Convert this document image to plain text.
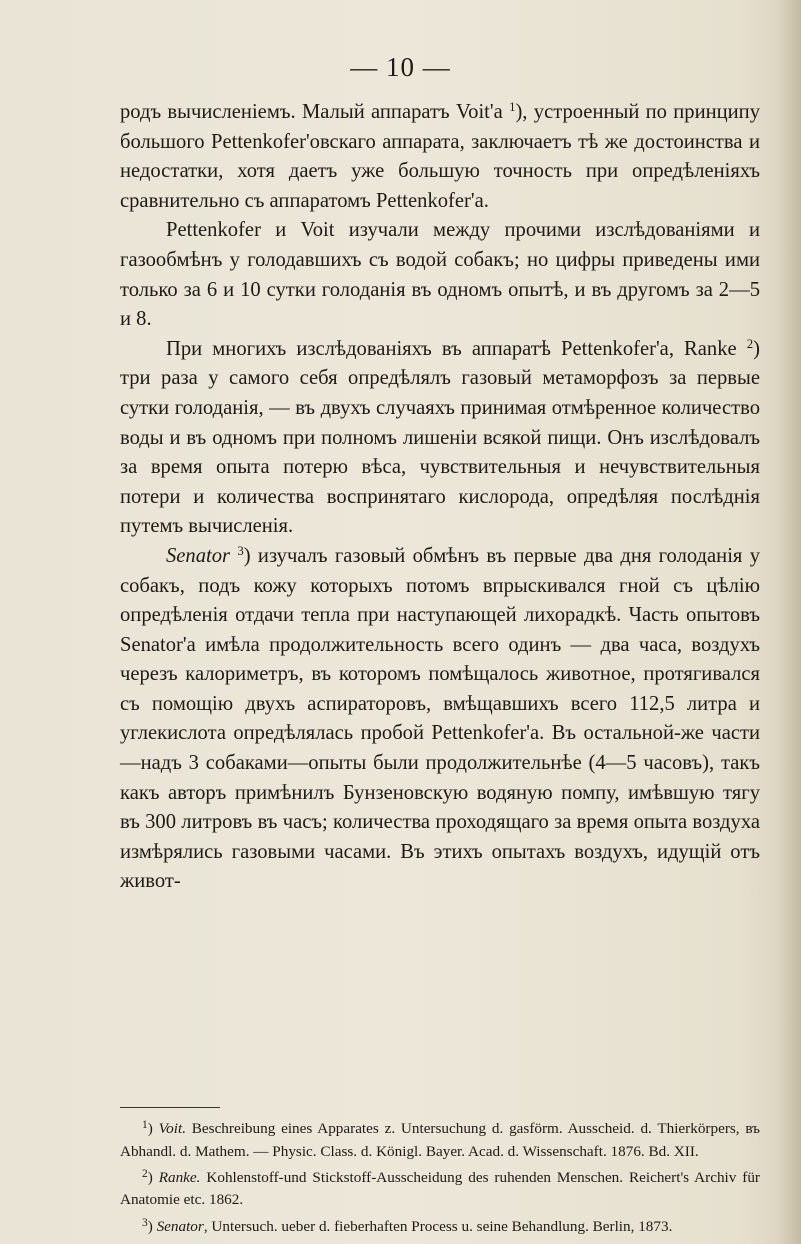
— 10 —

родъ вычисленіемъ. Малый аппаратъ Voit'а $^1$), устроенный по принципу большого Pettenkofer'овскаго аппарата, заключаетъ тѣ же достоинства и недостатки, хотя даетъ уже большую точность при опредѣленіяхъ сравнительно съ аппаратомъ Pettenkofer'а.

Pettenkofer и Voit изучали между прочими изслѣдованіями и газообмѣнъ у голодавшихъ съ водой собакъ; но цифры приведены ими только за 6 и 10 сутки голоданія въ одномъ опытѣ, и въ другомъ за 2—5 и 8.

При многихъ изслѣдованіяхъ въ аппаратѣ Pettenkofer'а, Ranke $^2$) три раза у самого себя опредѣлялъ газовый метаморфозъ за первые сутки голоданія, — въ двухъ случаяхъ принимая отмѣренное количество воды и въ одномъ при полномъ лишеніи всякой пищи. Онъ изслѣдовалъ за время опыта потерю вѣса, чувствительныя и нечувствительныя потери и количества воспринятаго кислорода, опредѣляя послѣднія путемъ вычисленія.

Senator $^3$) изучалъ газовый обмѣнъ въ первые два дня голоданія у собакъ, подъ кожу которыхъ потомъ впрыскивался гной съ цѣлію опредѣленія отдачи тепла при наступающей лихорадкѣ. Часть опытовъ Senator'а имѣла продолжительность всего одинъ — два часа, воздухъ черезъ калориметръ, въ которомъ помѣщалось животное, протягивался съ помощію двухъ аспираторовъ, вмѣщавшихъ всего 112,5 литра и углекислота опредѣлялась пробой Pettenkofer'а. Въ остальной-же части—надъ 3 собаками—опыты были продолжительнѣе (4—5 часовъ), такъ какъ авторъ примѣнилъ Бунзеновскую водяную помпу, имѣвшую тягу въ 300 литровъ въ часъ; количества проходящаго за время опыта воздуха измѣрялись газовыми часами. Въ этихъ опытахъ воздухъ, идущій отъ живот-

$^1$) Voit. Beschreibung eines Apparates z. Untersuchung d. gasförm. Ausscheid. d. Thierkörpers, въ Abhandl. d. Mathem. — Physic. Class. d. Königl. Bayer. Acad. d. Wissenschaft. 1876. Bd. XII.

$^2$) Ranke. Kohlenstoff-und Stickstoff-Ausscheidung des ruhenden Menschen. Reichert's Archiv für Anatomie etc. 1862.

$^3$) Senator, Untersuch. ueber d. fieberhaften Process u. seine Behandlung. Berlin, 1873.
